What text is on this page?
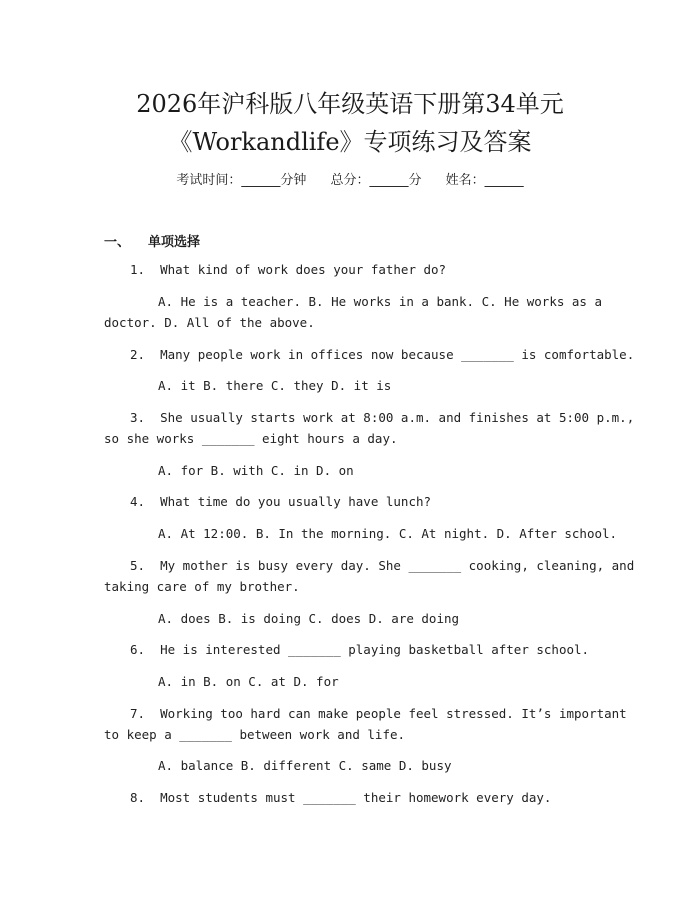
2026年沪科版八年级英语下册第34单元
《Workandlife》专项练习及答案
考试时间：______分钟 总分：______分 姓名：______
一、 单项选择
1.  What kind of work does your father do?
A. He is a teacher. B. He works in a bank. C. He works as a
doctor. D. All of the above.
2.  Many people work in offices now because _______ is comfortable.
A. it B. there C. they D. it is
3.  She usually starts work at 8:00 a.m. and finishes at 5:00 p.m.,
so she works _______ eight hours a day.
A. for B. with C. in D. on
4.  What time do you usually have lunch?
A. At 12:00. B. In the morning. C. At night. D. After school.
5.  My mother is busy every day. She _______ cooking, cleaning, and
taking care of my brother.
A. does B. is doing C. does D. are doing
6.  He is interested _______ playing basketball after school.
A. in B. on C. at D. for
7.  Working too hard can make people feel stressed. It’s important
to keep a _______ between work and life.
A. balance B. different C. same D. busy
8.  Most students must _______ their homework every day.
